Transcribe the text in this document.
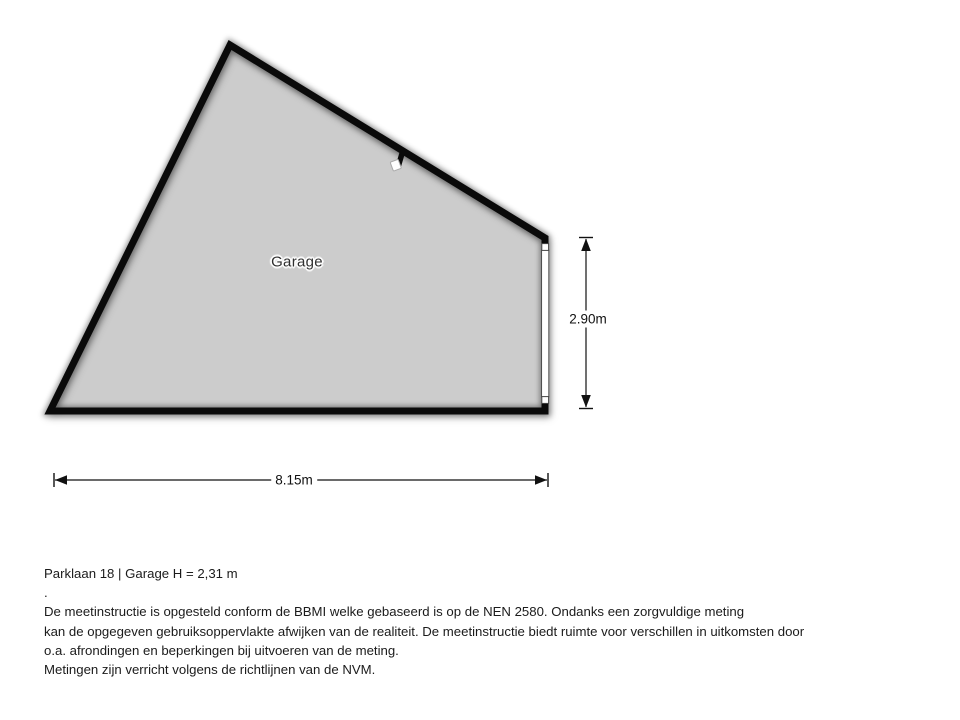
Garage
2.90m
8.15m
Parklaan 18 | Garage H = 2,31 m
.
De meetinstructie is opgesteld conform de BBMI welke gebaseerd is op de NEN 2580. Ondanks een zorgvuldige meting
kan de opgegeven gebruiksoppervlakte afwijken van de realiteit. De meetinstructie biedt ruimte voor verschillen in uitkomsten door
o.a. afrondingen en beperkingen bij uitvoeren van de meting.
Metingen zijn verricht volgens de richtlijnen van de NVM.
